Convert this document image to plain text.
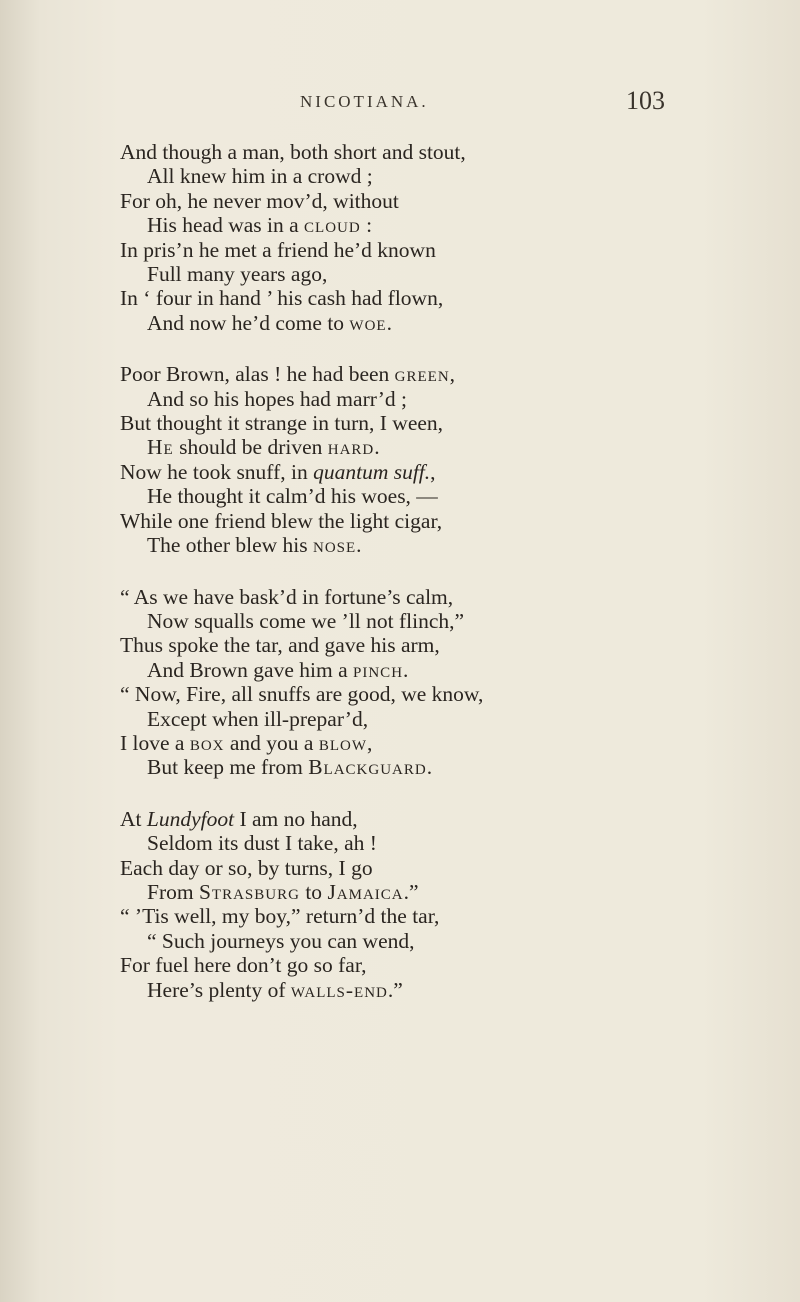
NICOTIANA.	103
And though a man, both short and stout,
All knew him in a crowd ;
For oh, he never mov’d, without
His head was in a cloud :
In pris’n he met a friend he’d known
Full many years ago,
In ‘ four in hand ’ his cash had flown,
And now he’d come to woe.
Poor Brown, alas ! he had been green,
And so his hopes had marr’d ;
But thought it strange in turn, I ween,
He should be driven hard.
Now he took snuff, in quantum suff.,
He thought it calm’d his woes, —
While one friend blew the light cigar,
The other blew his nose.
“ As we have bask’d in fortune’s calm,
Now squalls come we ’ll not flinch,”
Thus spoke the tar, and gave his arm,
And Brown gave him a pinch.
“ Now, Fire, all snuffs are good, we know,
Except when ill-prepar’d,
I love a box and you a blow,
But keep me from Blackguard.
At Lundyfoot I am no hand,
Seldom its dust I take, ah !
Each day or so, by turns, I go
From Strasburg to Jamaica.”
“ ’Tis well, my boy,” return’d the tar,
“ Such journeys you can wend,
For fuel here don’t go so far,
Here’s plenty of walls-end.”
